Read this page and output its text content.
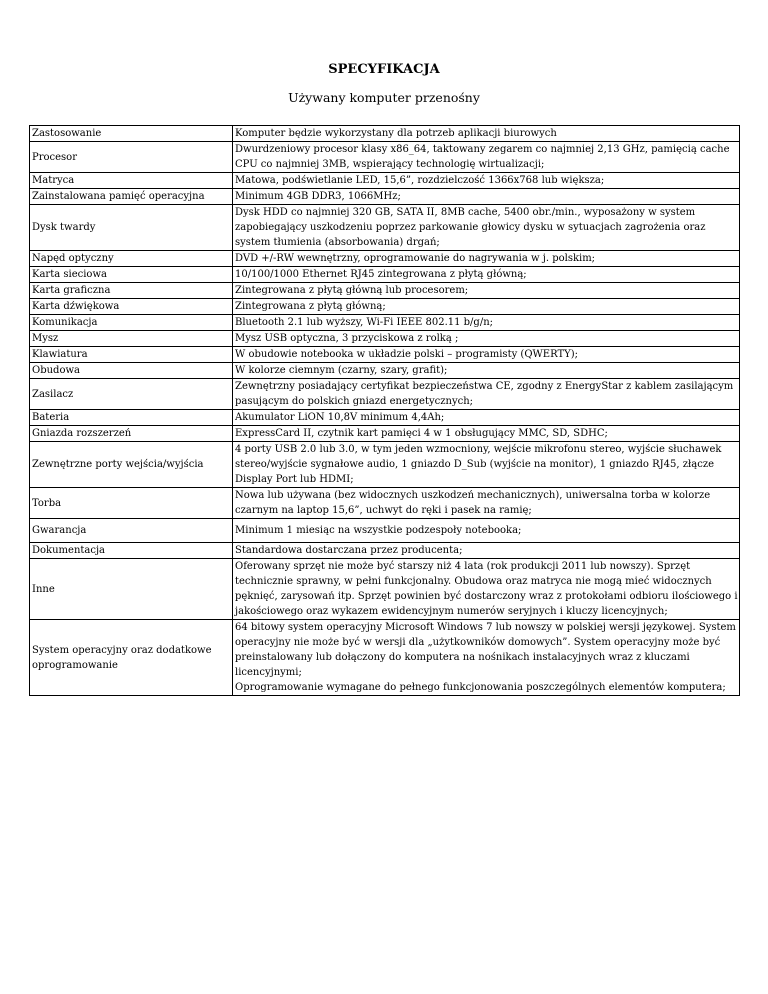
SPECYFIKACJA
Używany komputer przenośny
Zastosowanie	Komputer będzie wykorzystany dla potrzeb aplikacji biurowych
Procesor	Dwurdzeniowy procesor klasy x86_64, taktowany zegarem co najmniej 2,13 GHz, pamięcią cache CPU co najmniej 3MB, wspierający technologię wirtualizacji;
Matryca	Matowa, podświetlanie LED, 15,6”, rozdzielczość 1366x768 lub większa;
Zainstalowana pamięć operacyjna	Minimum 4GB DDR3, 1066MHz;
Dysk twardy	Dysk HDD co najmniej 320 GB, SATA II, 8MB cache, 5400 obr./min., wyposażony w system zapobiegający uszkodzeniu poprzez parkowanie głowicy dysku w sytuacjach zagrożenia oraz system tłumienia (absorbowania) drgań;
Napęd optyczny	DVD +/-RW wewnętrzny, oprogramowanie do nagrywania w j. polskim;
Karta sieciowa	10/100/1000 Ethernet RJ45 zintegrowana z płytą główną;
Karta graficzna	Zintegrowana z płytą główną lub procesorem;
Karta dźwiękowa	Zintegrowana z płytą główną;
Komunikacja	Bluetooth 2.1 lub wyższy, Wi-Fi IEEE 802.11 b/g/n;
Mysz	Mysz USB optyczna, 3 przyciskowa z rolką ;
Klawiatura	W obudowie notebooka w układzie polski – programisty (QWERTY);
Obudowa	W kolorze ciemnym (czarny, szary, grafit);
Zasilacz	Zewnętrzny posiadający certyfikat bezpieczeństwa CE, zgodny z EnergyStar z kablem zasilającym pasującym do polskich gniazd energetycznych;
Bateria	Akumulator LiON 10,8V minimum 4,4Ah;
Gniazda rozszerzeń	ExpressCard II, czytnik kart pamięci 4 w 1 obsługujący MMC, SD, SDHC;
Zewnętrzne porty wejścia/wyjścia	4 porty USB 2.0 lub 3.0, w tym jeden wzmocniony, wejście mikrofonu stereo, wyjście słuchawek stereo/wyjście sygnałowe audio, 1 gniazdo D_Sub (wyjście na monitor), 1 gniazdo RJ45, złącze Display Port lub HDMI;
Torba	Nowa lub używana (bez widocznych uszkodzeń mechanicznych), uniwersalna torba w kolorze czarnym na laptop 15,6”, uchwyt do ręki i pasek na ramię;
Gwarancja	Minimum 1 miesiąc na wszystkie podzespoły notebooka;
Dokumentacja	Standardowa dostarczana przez producenta;
Inne	Oferowany sprzęt nie może być starszy niż 4 lata (rok produkcji 2011 lub nowszy). Sprzęt technicznie sprawny, w pełni funkcjonalny. Obudowa oraz matryca nie mogą mieć widocznych pęknięć, zarysowań itp. Sprzęt powinien być dostarczony wraz z protokołami odbioru ilościowego i jakościowego oraz wykazem ewidencyjnym numerów seryjnych i kluczy licencyjnych;
System operacyjny oraz dodatkowe oprogramowanie	64 bitowy system operacyjny Microsoft Windows 7 lub nowszy w polskiej wersji językowej. System operacyjny nie może być w wersji dla „użytkowników domowych”. System operacyjny może być preinstalowany lub dołączony do komputera na nośnikach instalacyjnych wraz z kluczami licencyjnymi;
Oprogramowanie wymagane do pełnego funkcjonowania poszczególnych elementów komputera;
